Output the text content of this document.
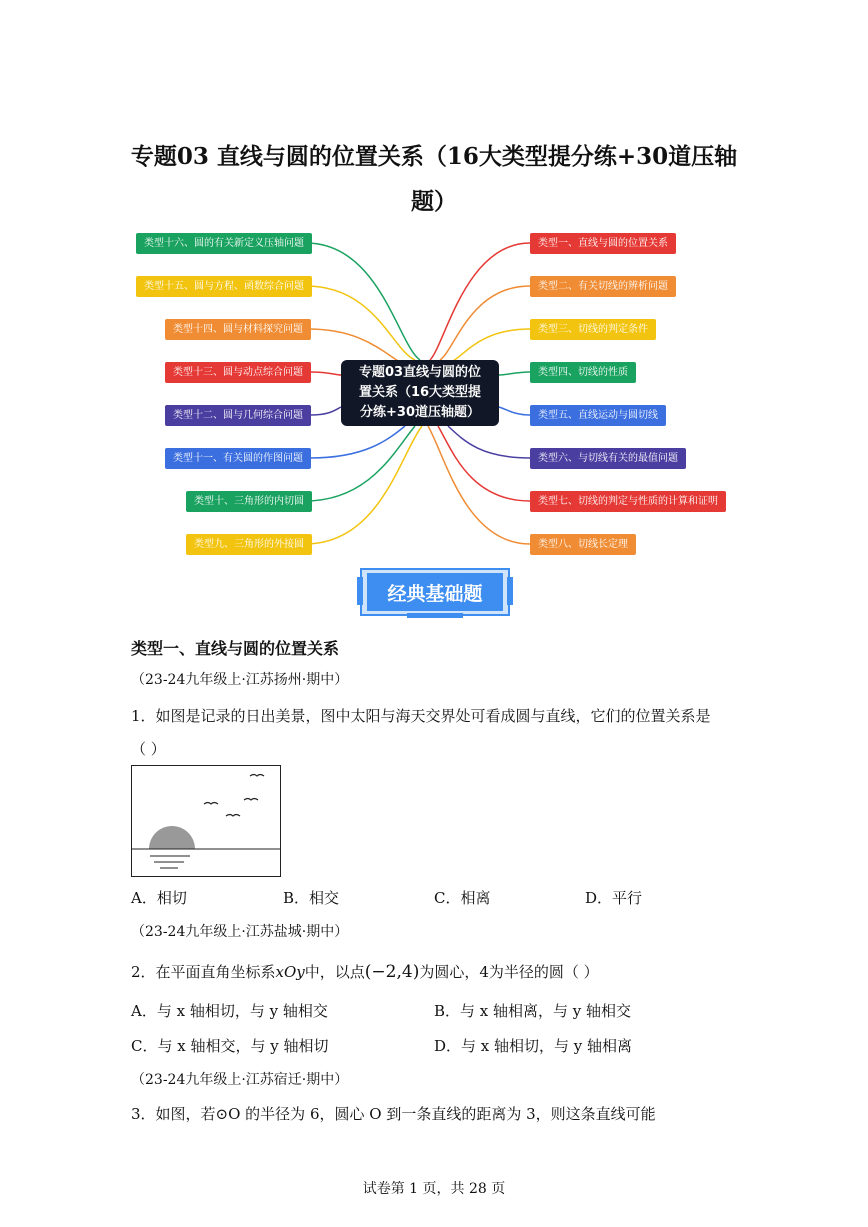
专题03 直线与圆的位置关系（16大类型提分练+30道压轴
题）
类型十六、圆的有关新定义压轴问题
类型十五、圆与方程、函数综合问题
类型十四、圆与材料探究问题
类型十三、圆与动点综合问题
类型十二、圆与几何综合问题
类型十一、有关圆的作图问题
类型十、三角形的内切圆
类型九、三角形的外接圆
类型一、直线与圆的位置关系
类型二、有关切线的辨析问题
类型三、切线的判定条件
类型四、切线的性质
类型五、直线运动与圆切线
类型六、与切线有关的最值问题
类型七、切线的判定与性质的计算和证明
类型八、切线长定理
专题03直线与圆的位
置关系（16大类型提
分练+30道压轴题）
经典基础题
类型一、直线与圆的位置关系
（23-24九年级上·江苏扬州·期中）
1．如图是记录的日出美景，图中太阳与海天交界处可看成圆与直线，它们的位置关系是
（ ）
A．相切	B．相交	C．相离	D．平行
（23-24九年级上·江苏盐城·期中）
2．在平面直角坐标系xOy中，以点(−2,4)为圆心，4为半径的圆（ ）
A．与 x 轴相切，与 y 轴相交	B．与 x 轴相离，与 y 轴相交
C．与 x 轴相交，与 y 轴相切	D．与 x 轴相切，与 y 轴相离
（23-24九年级上·江苏宿迁·期中）
3．如图，若⊙O 的半径为 6，圆心 O 到一条直线的距离为 3，则这条直线可能
试卷第 1 页，共 28 页
